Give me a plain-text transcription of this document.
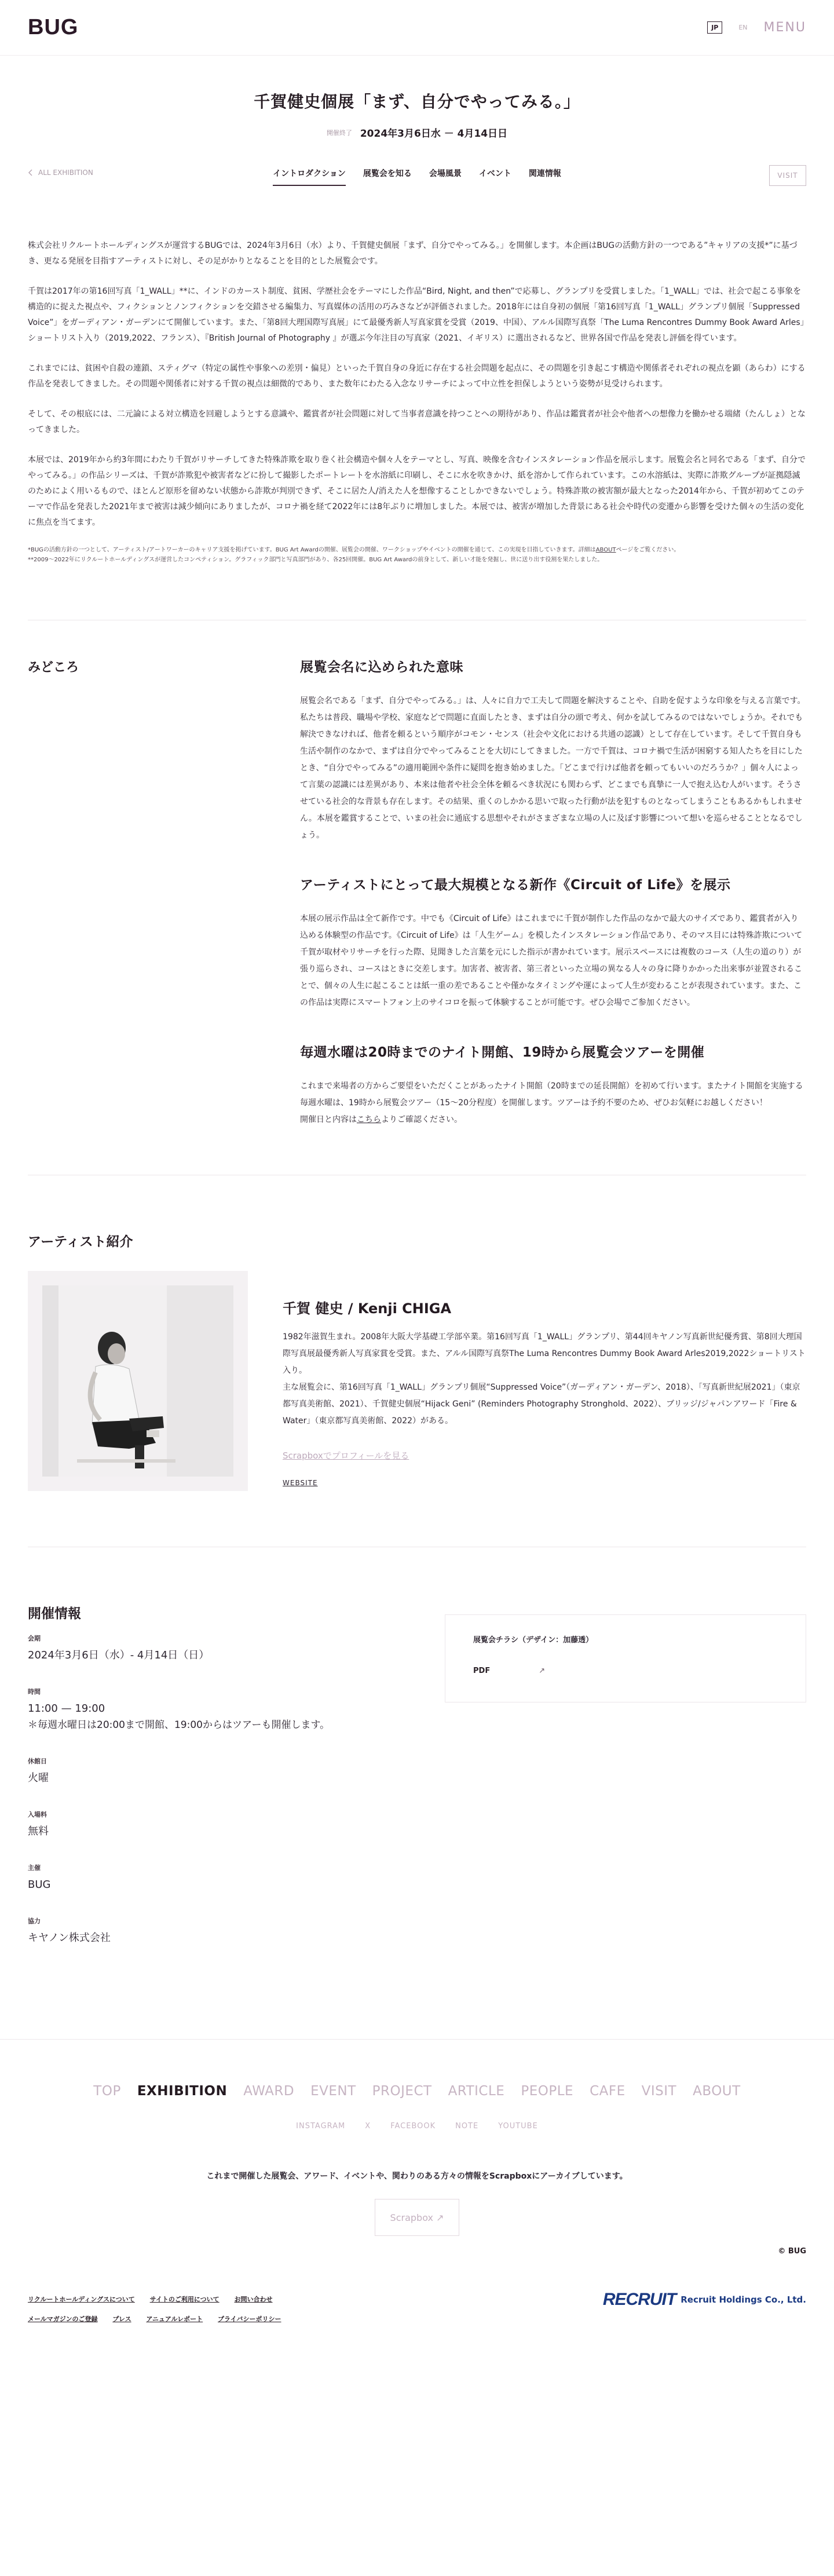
BUG	JP	EN MENU
千賀健史個展「まず、自分でやってみる。」
開催終了 2024年3月6日水 － 4月14日日
ALL EXHIBITION	イントロダクション 展覧会を知る 会場風景 イベント 関連情報	VISIT

株式会社リクルートホールディングスが運営するBUGでは、2024年3月6日（水）より、千賀健史個展「まず、自分でやってみる。」を開催します。本企画はBUGの活動方針の一つである”キャリアの支援*”に基づき、更なる発展を目指すアーティストに対し、その足がかりとなることを目的とした展覧会です。

千賀は2017年の第16回写真「1_WALL」**に、インドのカースト制度、貧困、学歴社会をテーマにした作品“Bird, Night, and then”で応募し、グランプリを受賞しました。「1_WALL」では、社会で起こる事象を構造的に捉えた視点や、フィクションとノンフィクションを交錯させる編集力、写真媒体の活用の巧みさなどが評価されました。2018年には自身初の個展「第16回写真「1_WALL」グランプリ個展「Suppressed Voice”」をガーディアン・ガーデンにて開催しています。また、「第8回大理国際写真展」にて最優秀新人写真家賞を受賞（2019、中国）、アルル国際写真祭「The Luma Rencontres Dummy Book Award Arles」ショートリスト入り（2019,2022、フランス）、『British Journal of Photography 』が選ぶ今年注目の写真家（2021、イギリス）に選出されるなど、世界各国で作品を発表し評価を得ています。

これまでには、貧困や自殺の連鎖、スティグマ（特定の属性や事象への差別・偏見）といった千賀自身の身近に存在する社会問題を起点に、その問題を引き起こす構造や関係者それぞれの視点を顕（あらわ）にする作品を発表してきました。その問題や関係者に対する千賀の視点は細微的であり、また数年にわたる入念なリサーチによって中立性を担保しようという姿勢が見受けられます。

そして、その根底には、二元論による対立構造を回避しようとする意識や、鑑賞者が社会問題に対して当事者意識を持つことへの期待があり、作品は鑑賞者が社会や他者への想像力を働かせる端緒（たんしょ）となってきました。

本展では、2019年から約3年間にわたり千賀がリサーチしてきた特殊詐欺を取り巻く社会構造や個々人をテーマとし、写真、映像を含むインスタレーション作品を展示します。展覧会名と同名である「まず、自分でやってみる。」の作品シリーズは、千賀が詐欺犯や被害者などに扮して撮影したポートレートを水溶紙に印刷し、そこに水を吹きかけ、紙を溶かして作られています。この水溶紙は、実際に詐欺グループが証拠隠滅のためによく用いるもので、ほとんど原形を留めない状態から詐欺が判別できず、そこに居た人/消えた人を想像することしかできないでしょう。特殊詐欺の被害額が最大となった2014年から、千賀が初めてこのテーマで作品を発表した2021年まで被害は減少傾向にありましたが、コロナ禍を経て2022年には8年ぶりに増加しました。本展では、被害が増加した背景にある社会や時代の変遷から影響を受けた個々の生活の変化に焦点を当てます。

*BUGの活動方針の一つとして、アーティスト/アートワーカーのキャリア支援を掲げています。BUG Art Awardの開催、展覧会の開催、ワークショップやイベントの開催を通じて、この実現を目指していきます。詳細はABOUTページをご覧ください。

**2009〜2022年にリクルートホールディングスが運営したコンペティション。グラフィック部門と写真部門があり、各25回開催。BUG Art Awardの前身として、新しい才能を発掘し、世に送り出す役割を果たしました。

みどころ	展覧会名に込められた意味

展覧会名である「まず、自分でやってみる。」は、人々に自力で工夫して問題を解決することや、自助を促すような印象を与える言葉です。私たちは普段、職場や学校、家庭などで問題に直面したとき、まずは自分の頭で考え、何かを試してみるのではないでしょうか。それでも解決できなければ、他者を頼るという順序がコモン・センス（社会や文化における共通の認識）として存在しています。そして千賀自身も生活や制作のなかで、まずは自分でやってみることを大切にしてきました。一方で千賀は、コロナ禍で生活が困窮する知人たちを目にしたとき、“自分でやってみる”の適用範囲や条件に疑問を抱き始めました。「どこまで行けば他者を頼ってもいいのだろうか？」個々人によって言葉の認識には差異があり、本来は他者や社会全体を頼るべき状況にも関わらず、どこまでも真摯に一人で抱え込む人がいます。そうさせている社会的な背景も存在します。その結果、重くのしかかる思いで取った行動が法を犯すものとなってしまうこともあるかもしれません。本展を鑑賞することで、いまの社会に通底する思想やそれがさまざまな立場の人に及ぼす影響について想いを巡らせることとなるでしょう。

アーティストにとって最大規模となる新作《Circuit of Life》を展示

本展の展示作品は全て新作です。中でも《Circuit of Life》はこれまでに千賀が制作した作品のなかで最大のサイズであり、鑑賞者が入り込める体験型の作品です。《Circuit of Life》は「人生ゲーム」を模したインスタレーション作品であり、そのマス目には特殊詐欺について千賀が取材やリサーチを行った際、見聞きした言葉を元にした指示が書かれています。展示スペースには複数のコース（人生の道のり）が張り巡らされ、コースはときに交差します。加害者、被害者、第三者といった立場の異なる人々の身に降りかかった出来事が並置されることで、個々の人生に起こることは紙一重の差であることや僅かなタイミングや運によって人生が変わることが表現されています。また、この作品は実際にスマートフォン上のサイコロを振って体験することが可能です。ぜひ会場でご参加ください。

毎週水曜は20時までのナイト開館、19時から展覧会ツアーを開催

これまで来場者の方からご要望をいただくことがあったナイト開館（20時までの延長開館）を初めて行います。またナイト開館を実施する毎週水曜は、19時から展覧会ツアー（15〜20分程度）を開催します。ツアーは予約不要のため、ぜひお気軽にお越しください！
開催日と内容はこちらよりご確認ください。

アーティスト紹介
千賀 健史 / Kenji CHIGA

1982年滋賀生まれ。2008年大阪大学基礎工学部卒業。第16回写真「1_WALL」グランプリ、第44回キヤノン写真新世紀優秀賞、第8回大理国際写真展最優秀新人写真家賞を受賞。また、アルル国際写真祭The Luma Rencontres Dummy Book Award Arles2019,2022ショートリスト入り。

主な展覧会に、第16回写真「1_WALL」グランプリ個展“Suppressed Voice”（ガーディアン・ガーデン、2018）、「写真新世紀展2021」（東京都写真美術館、2021）、千賀健史個展“Hijack Geni” (Reminders Photography Stronghold、2022）、ブリッジ/ジャパンアワード「Fire & Water」（東京都写真美術館、2022）がある。

Scrapboxでプロフィールを見る
WEBSITE
開催情報
会期
2024年3月6日（水）- 4月14日（日）
時間
11:00 — 19:00
＊毎週水曜日は20:00まで開館、19:00からはツアーも開催します。
休館日
火曜
入場料
無料
主催
BUG
協力
キヤノン株式会社
展覧会チラシ（デザイン：加藤透）
PDF	↗
TOP EXHIBITION AWARD EVENT PROJECT ARTICLE PEOPLE CAFE VISIT ABOUT
INSTAGRAM	X	FACEBOOK	NOTE	YOUTUBE
これまで開催した展覧会、アワード、イベントや、関わりのある方々の情報をScrapboxにアーカイブしています。
Scrapbox ↗
© BUG
リクルートホールディングスについて サイトのご利用について お問い合わせ
メールマガジンのご登録 プレス アニュアルレポート プライバシーポリシー
RECRUIT Recruit Holdings Co., Ltd.
